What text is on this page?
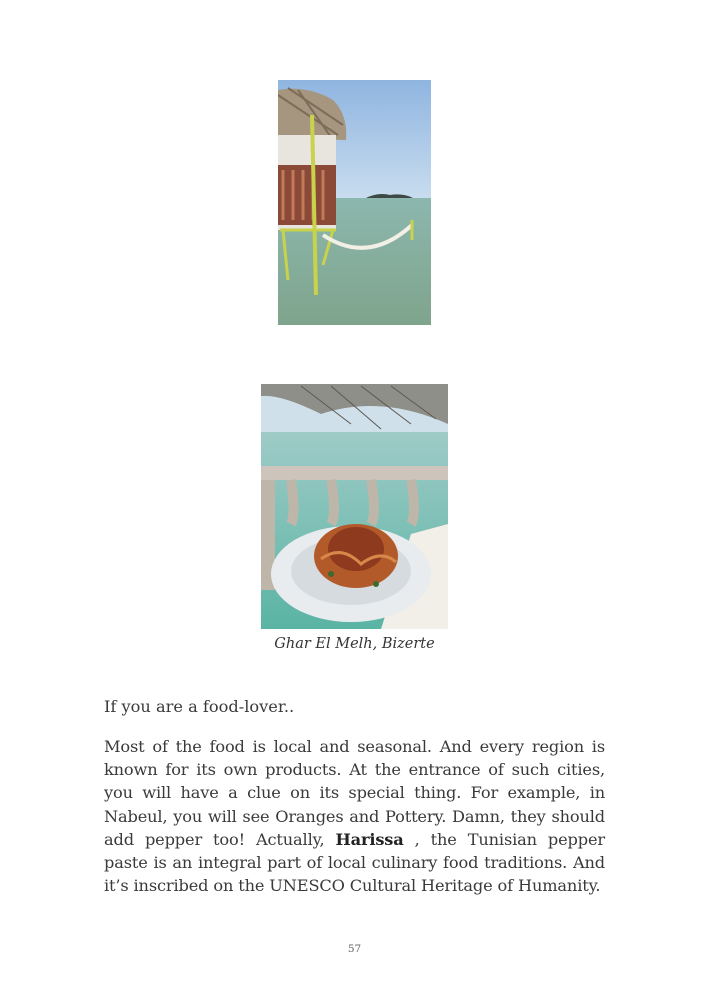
Ghar El Melh, Bizerte

If you are a food-lover..

Most of the food is local and seasonal. And every region is known for its own products. At the entrance of such cities, you will have a clue on its special thing. For example, in Nabeul, you will see Oranges and Pottery. Damn, they should add pepper too! Actually, Harissa , the Tunisian pepper paste is an integral part of local culinary food traditions. And it’s inscribed on the UNESCO Cultural Heritage of Humanity.

57
